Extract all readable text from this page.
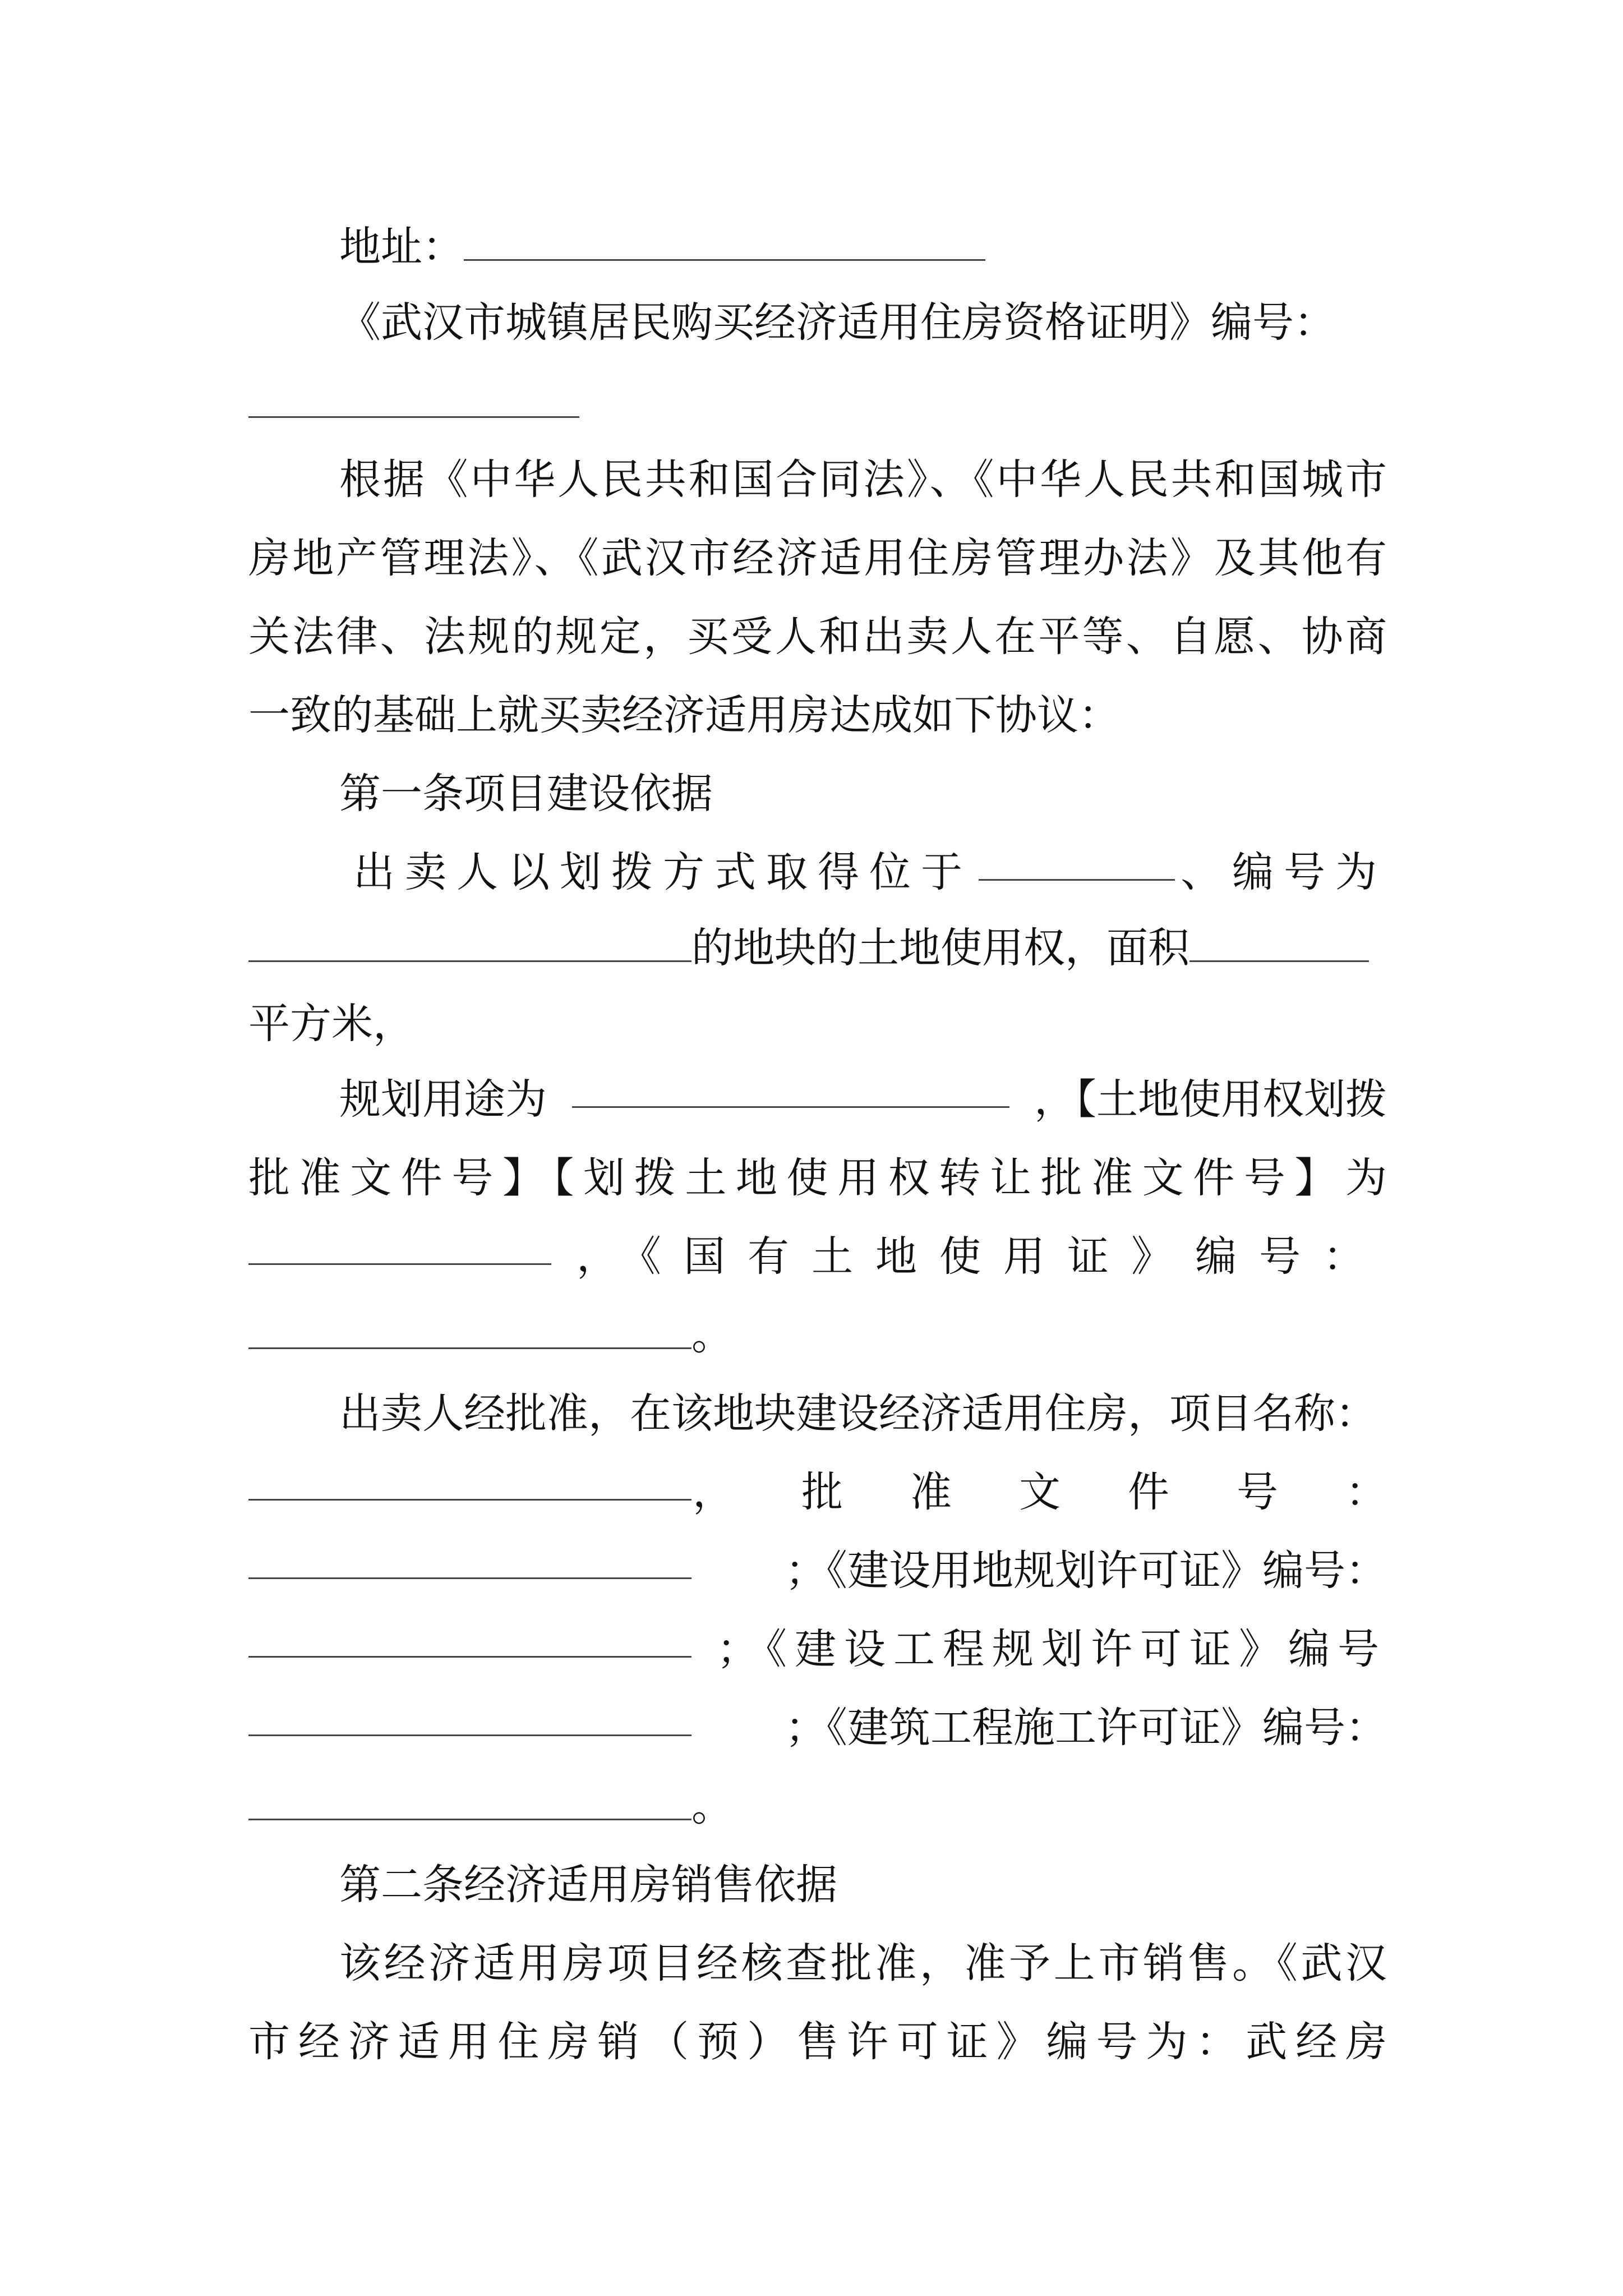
地址：
《武汉市城镇居民购买经济适用住房资格证明》编号：
根据《中华人民共和国合同法》、《中华人民共和国城市
房地产管理法》、《武汉市经济适用住房管理办法》及其他有
关法律、法规的规定，买受人和出卖人在平等、自愿、协商
一致的基础上就买卖经济适用房达成如下协议：
第一条项目建设依据
出卖人以划拨方式取得位于	、编号为
的地块的土地使用权，面积
平方米，
规划用途为	，【土地使用权划拨
批准文件号】【划拨土地使用权转让批准文件号】为
，《国有土地使用证》编号：
。
出卖人经批准，在该地块建设经济适用住房，项目名称：
，批准文件号：
；《建设用地规划许可证》编号：
；《建设工程规划许可证》编号
；《建筑工程施工许可证》编号：
。
第二条经济适用房销售依据
该经济适用房项目经核查批准，准予上市销售。《武汉
市经济适用住房销（预）售许可证》编号为：武经房
